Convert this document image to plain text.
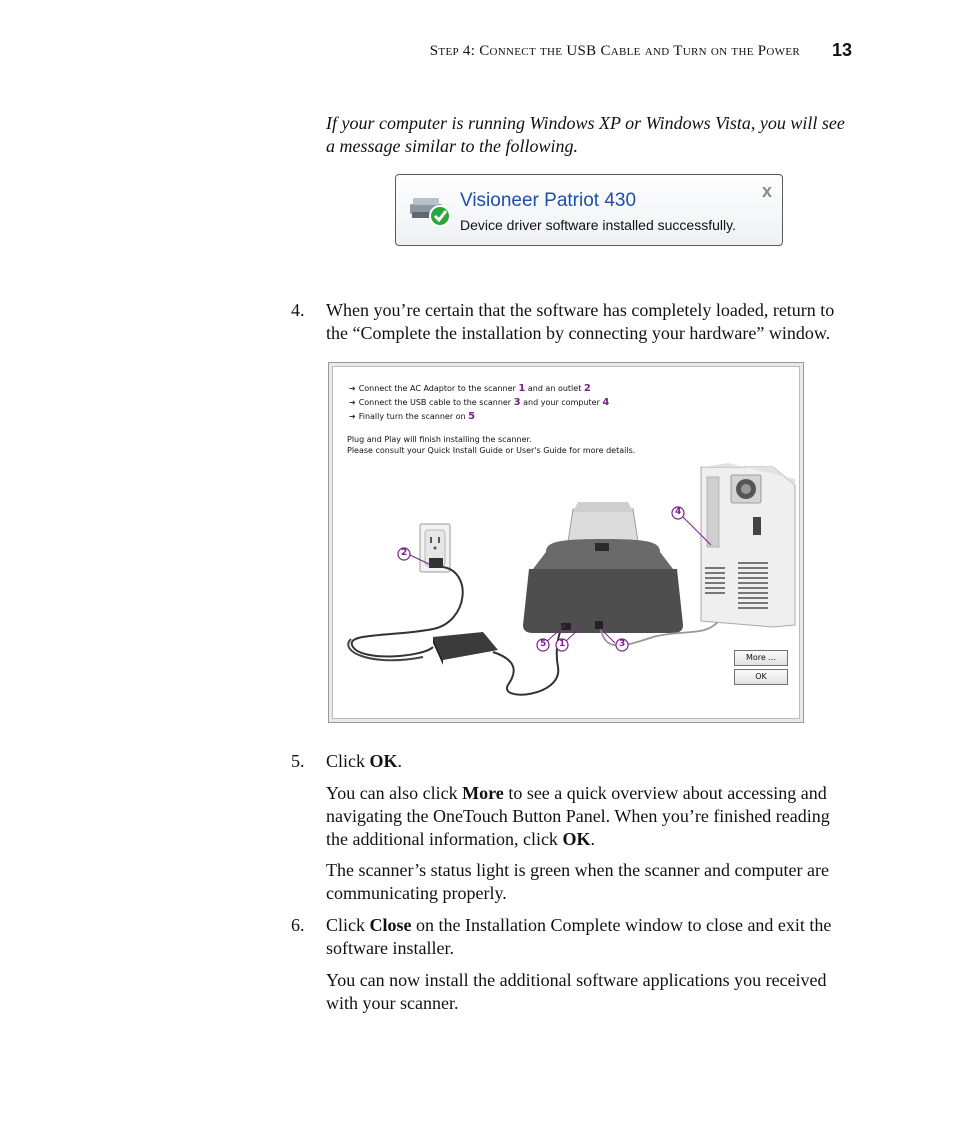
Step 4: Connect the USB Cable and Turn on the Power 13
If your computer is running Windows XP or Windows Vista, you will see a message similar to the following.
Visioneer Patriot 430
Device driver software installed successfully.
x
4. When you’re certain that the software has completely loaded, return to the “Complete the installation by connecting your hardware” window.
➜ Connect the AC Adaptor to the scanner 1 and an outlet 2
➜ Connect the USB cable to the scanner 3 and your computer 4
➜ Finally turn the scanner on 5
Plug and Play will finish installing the scanner.
Please consult your Quick Install Guide or User's Guide for more details.
2
4
5 1	3
More ...
OK
5. Click OK.
You can also click More to see a quick overview about accessing and navigating the OneTouch Button Panel. When you’re finished reading the additional information, click OK.
The scanner’s status light is green when the scanner and computer are communicating properly.
6. Click Close on the Installation Complete window to close and exit the software installer.
You can now install the additional software applications you received with your scanner.
